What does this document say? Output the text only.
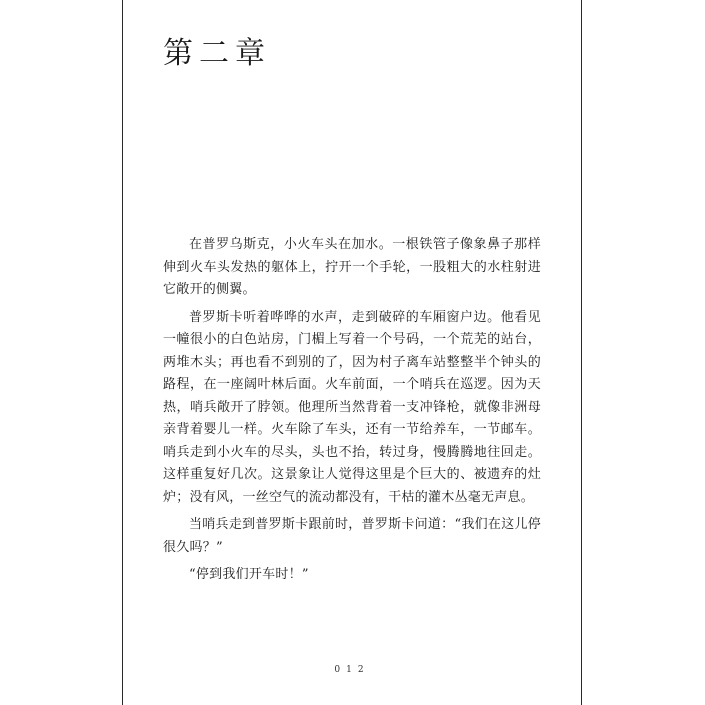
第二章

在普罗乌斯克，小火车头在加水。一根铁管子像象鼻子那样伸到火车头发热的躯体上，拧开一个手轮，一股粗大的水柱射进它敞开的侧翼。

普罗斯卡听着哗哗的水声，走到破碎的车厢窗户边。他看见一幢很小的白色站房，门楣上写着一个号码，一个荒芜的站台，两堆木头；再也看不到别的了，因为村子离车站整整半个钟头的路程，在一座阔叶林后面。火车前面，一个哨兵在巡逻。因为天热，哨兵敞开了脖领。他理所当然背着一支冲锋枪，就像非洲母亲背着婴儿一样。火车除了车头，还有一节给养车，一节邮车。哨兵走到小火车的尽头，头也不抬，转过身，慢腾腾地往回走。这样重复好几次。这景象让人觉得这里是个巨大的、被遗弃的灶炉；没有风，一丝空气的流动都没有，干枯的灌木丛毫无声息。

当哨兵走到普罗斯卡跟前时，普罗斯卡问道：“我们在这儿停很久吗？”

“停到我们开车时！”

012
